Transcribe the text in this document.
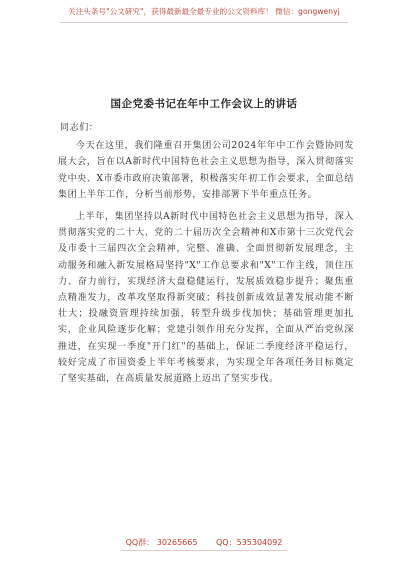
关注头条号"公文研究"，获得最新最全最专业的公文资料库！ 微信：gongwenyj
国企党委书记在年中工作会议上的讲话

同志们：

今天在这里，我们隆重召开集团公司2024年年中工作会暨协同发展大会，旨在以A新时代中国特色社会主义思想为指导，深入贯彻落实党中央、X市委市政府决策部署，积极落实年初工作会要求，全面总结集团上半年工作，分析当前形势，安排部署下半年重点任务。

上半年，集团坚持以A新时代中国特色社会主义思想为指导，深入贯彻落实党的二十大、党的二十届历次全会精神和X市第十三次党代会及市委十三届四次全会精神，完整、准确、全面贯彻新发展理念，主动服务和融入新发展格局坚持"X"工作总要求和"X"工作主线，顶住压力、奋力前行，实现经济大盘稳健运行，发展质效稳步提升；聚焦重点精准发力，改革攻坚取得新突破；科技创新成效显著发展动能不断壮大；投融资管理持续加强，转型升级步伐加快；基础管理更加扎实，企业风险逐步化解；党建引领作用充分发挥，全面从严治党纵深推进，在实现一季度"开门红"的基础上，保证二季度经济平稳运行，较好完成了市国资委上半年考核要求，为实现全年各项任务目标奠定了坚实基础，在高质量发展道路上迈出了坚实步伐。

QQ群： 30265665 QQ：535304092
